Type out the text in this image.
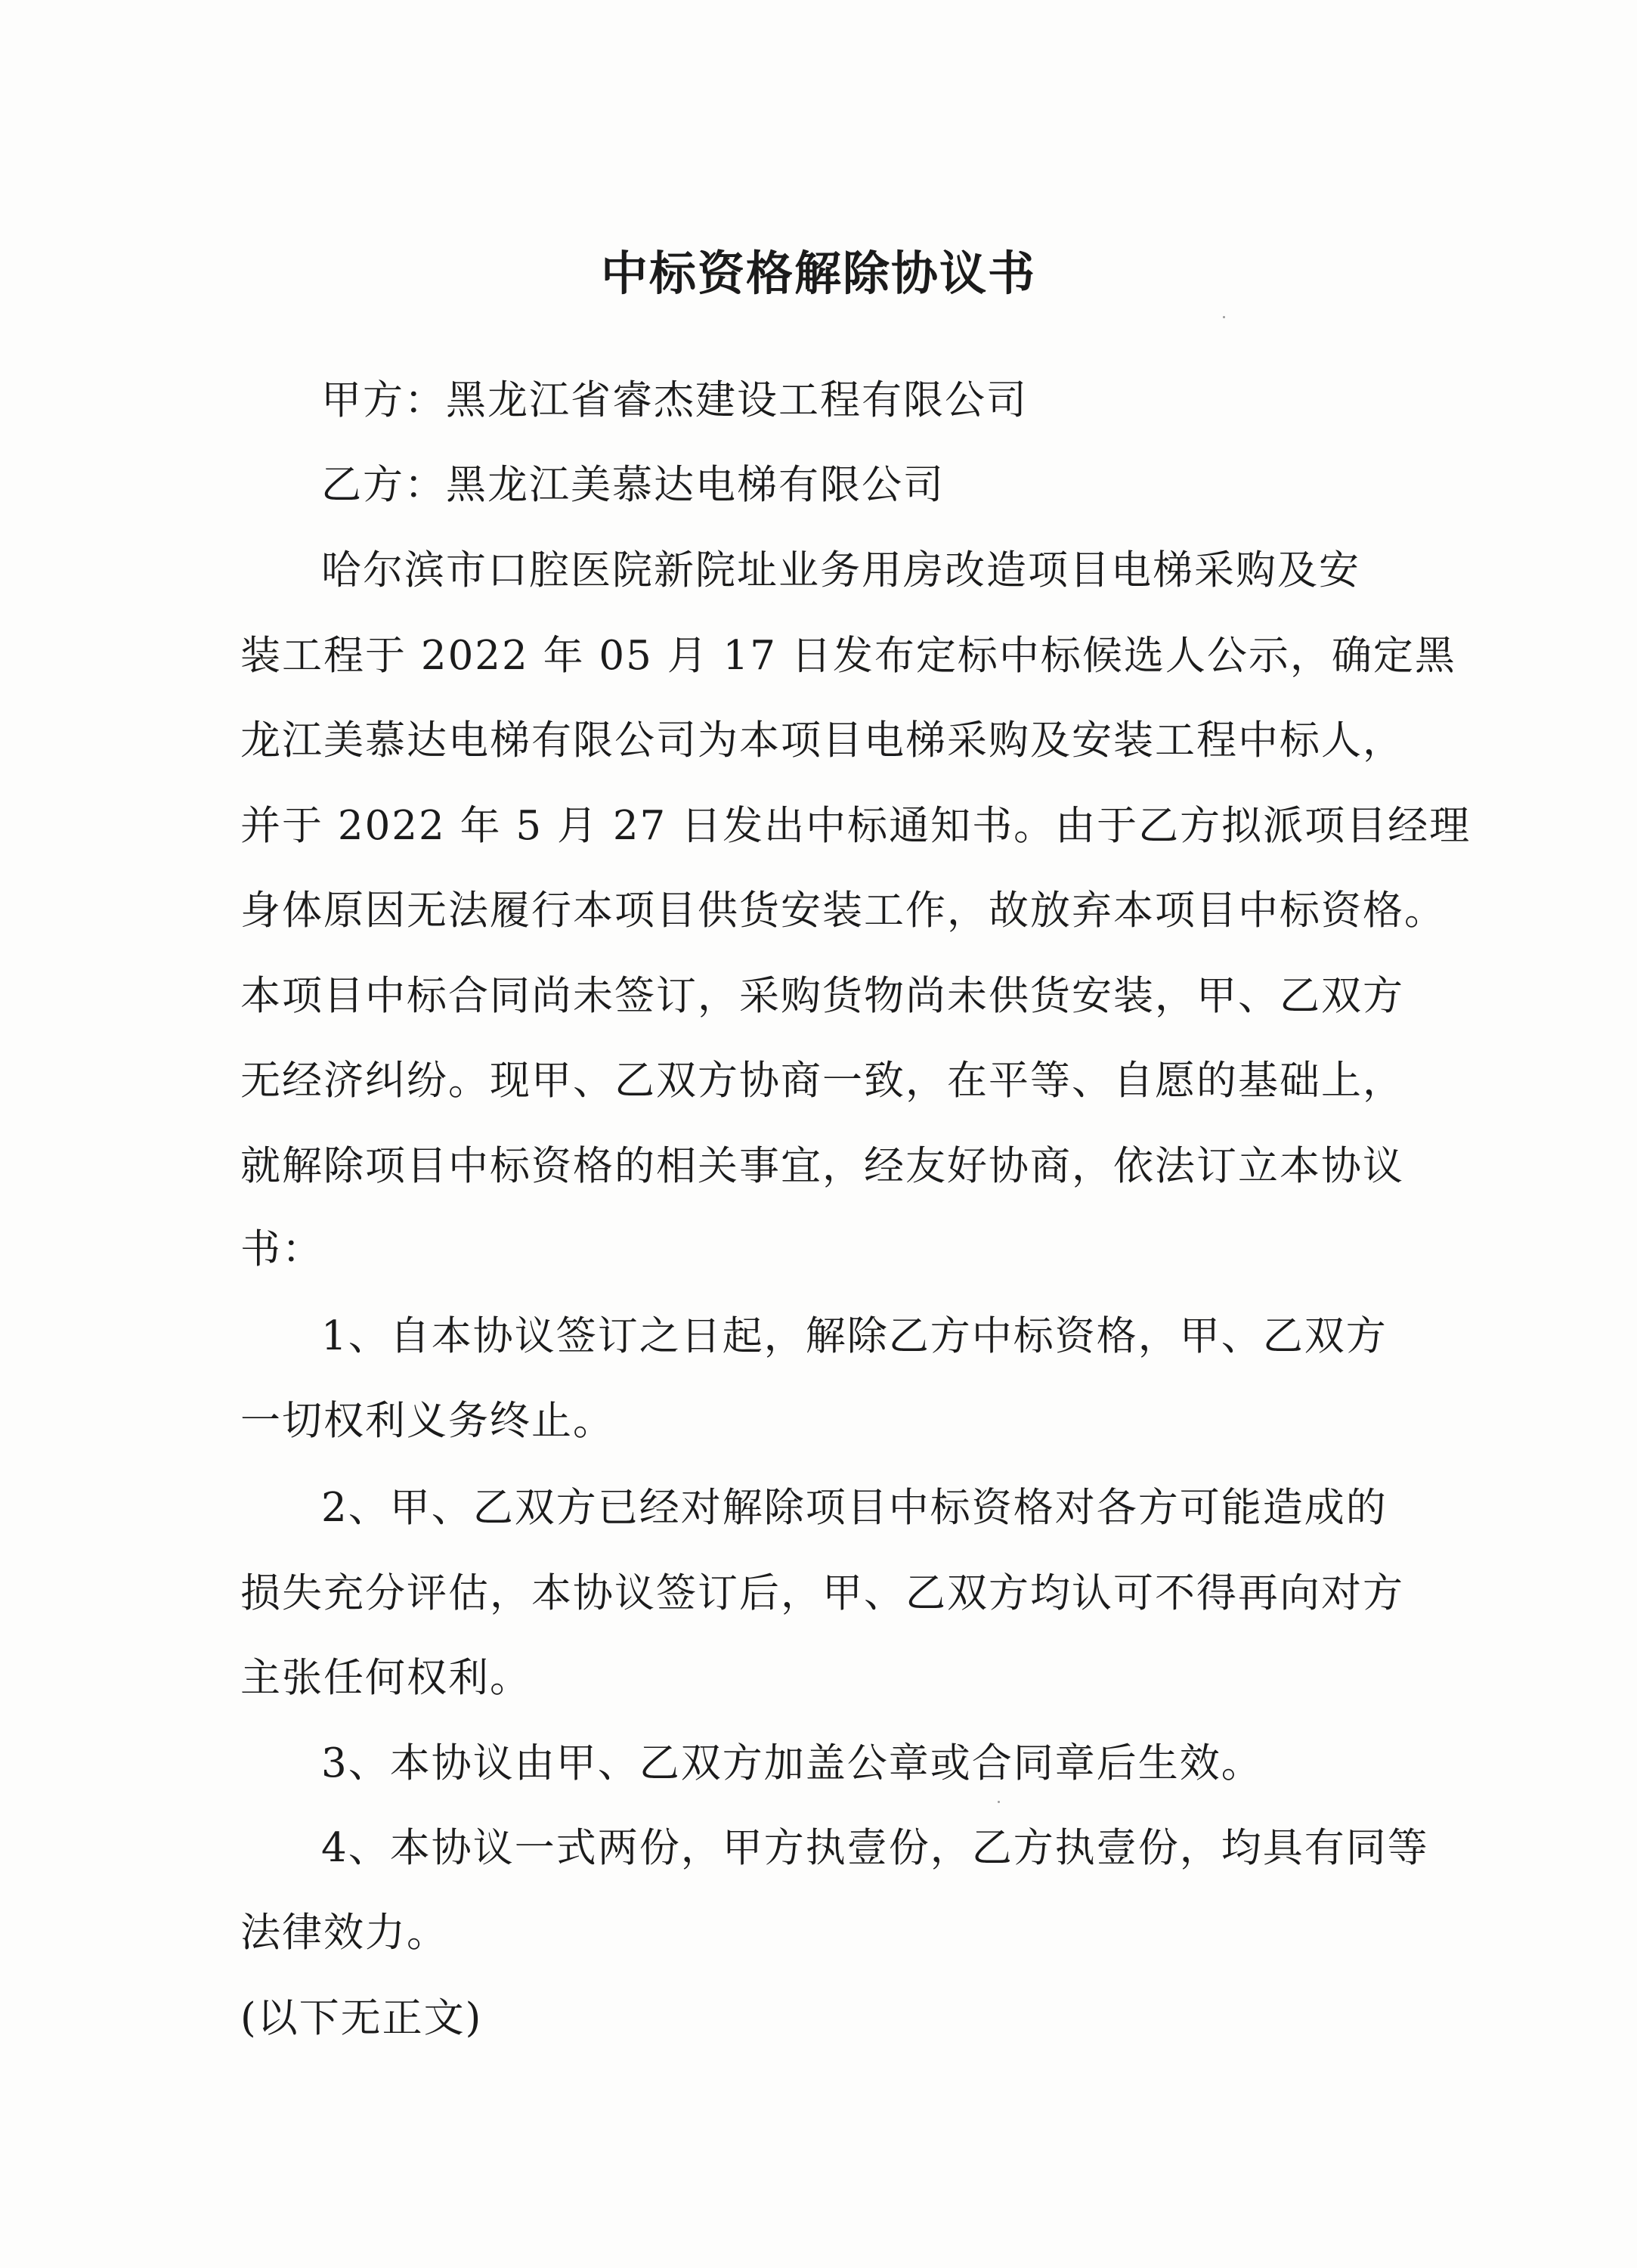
中标资格解除协议书
甲方：黑龙江省睿杰建设工程有限公司
乙方：黑龙江美慕达电梯有限公司
哈尔滨市口腔医院新院址业务用房改造项目电梯采购及安
装工程于 2022 年 05 月 17 日发布定标中标候选人公示，确定黑
龙江美慕达电梯有限公司为本项目电梯采购及安装工程中标人，
并于 2022 年 5 月 27 日发出中标通知书。由于乙方拟派项目经理
身体原因无法履行本项目供货安装工作，故放弃本项目中标资格。
本项目中标合同尚未签订，采购货物尚未供货安装，甲、乙双方
无经济纠纷。现甲、乙双方协商一致，在平等、自愿的基础上，
就解除项目中标资格的相关事宜，经友好协商，依法订立本协议
书：
1、自本协议签订之日起，解除乙方中标资格，甲、乙双方
一切权利义务终止。
2、甲、乙双方已经对解除项目中标资格对各方可能造成的
损失充分评估，本协议签订后，甲、乙双方均认可不得再向对方
主张任何权利。
3、本协议由甲、乙双方加盖公章或合同章后生效。
4、本协议一式两份，甲方执壹份，乙方执壹份，均具有同等
法律效力。
(以下无正文)
